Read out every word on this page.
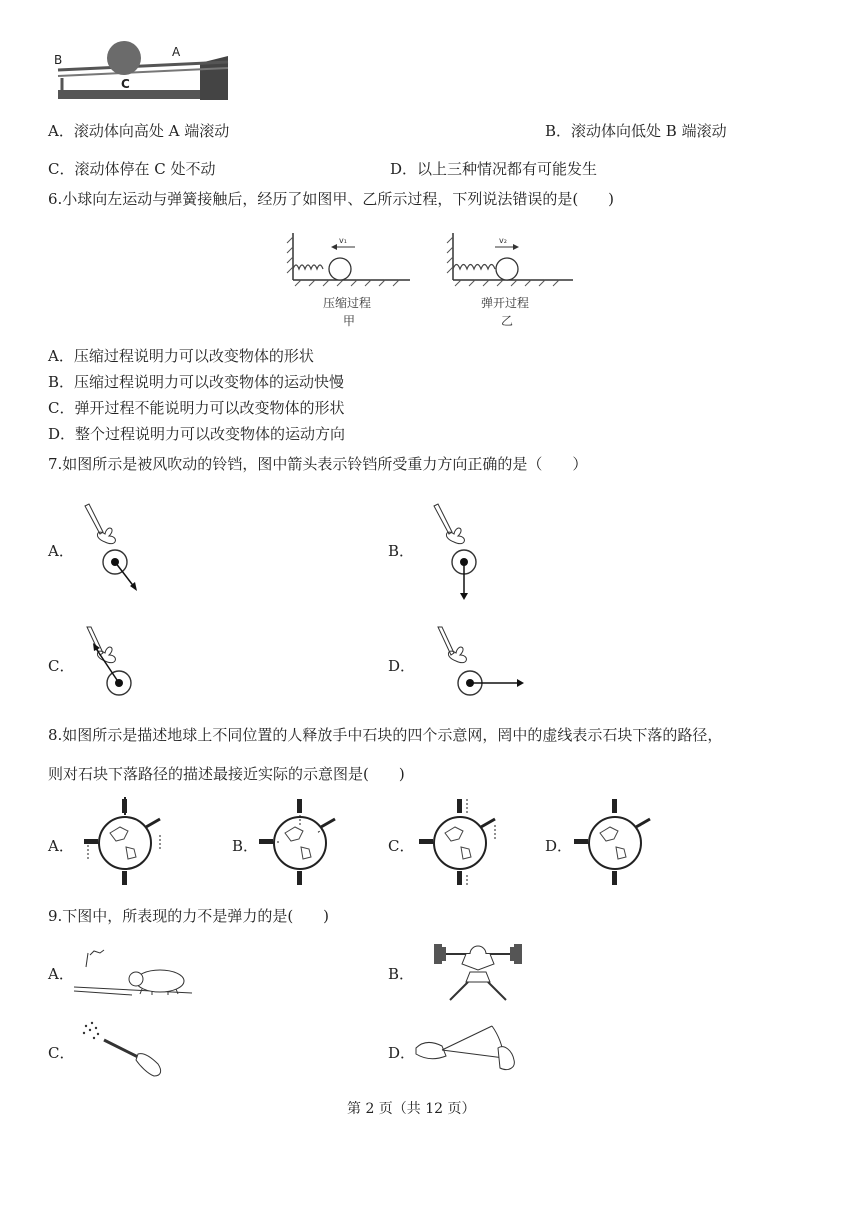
B
A
C
A．滚动体向高处 A 端滚动	B．滚动体向低处 B 端滚动
C．滚动体停在 C 处不动	D．以上三种情况都有可能发生
6.小球向左运动与弹簧接触后，经历了如图甲、乙所示过程，下列说法错误的是(　　)
v₁
压缩过程
甲
v₂
弹开过程
乙
A．压缩过程说明力可以改变物体的形状
B．压缩过程说明力可以改变物体的运动快慢
C．弹开过程不能说明力可以改变物体的形状
D．整个过程说明力可以改变物体的运动方向
7.如图所示是被风吹动的铃铛，图中箭头表示铃铛所受重力方向正确的是（　　）
A．	B．
C．	D．
8.如图所示是描述地球上不同位置的人释放手中石块的四个示意网，罔中的虚线表示石块下落的路径，
则对石块下落路径的描述最接近实际的示意图是(　　)
A．	B．	C．	D．
9.下图中，所表现的力不是弹力的是(　　)
A．	B．
C．	D．
第 2 页（共 12 页）
